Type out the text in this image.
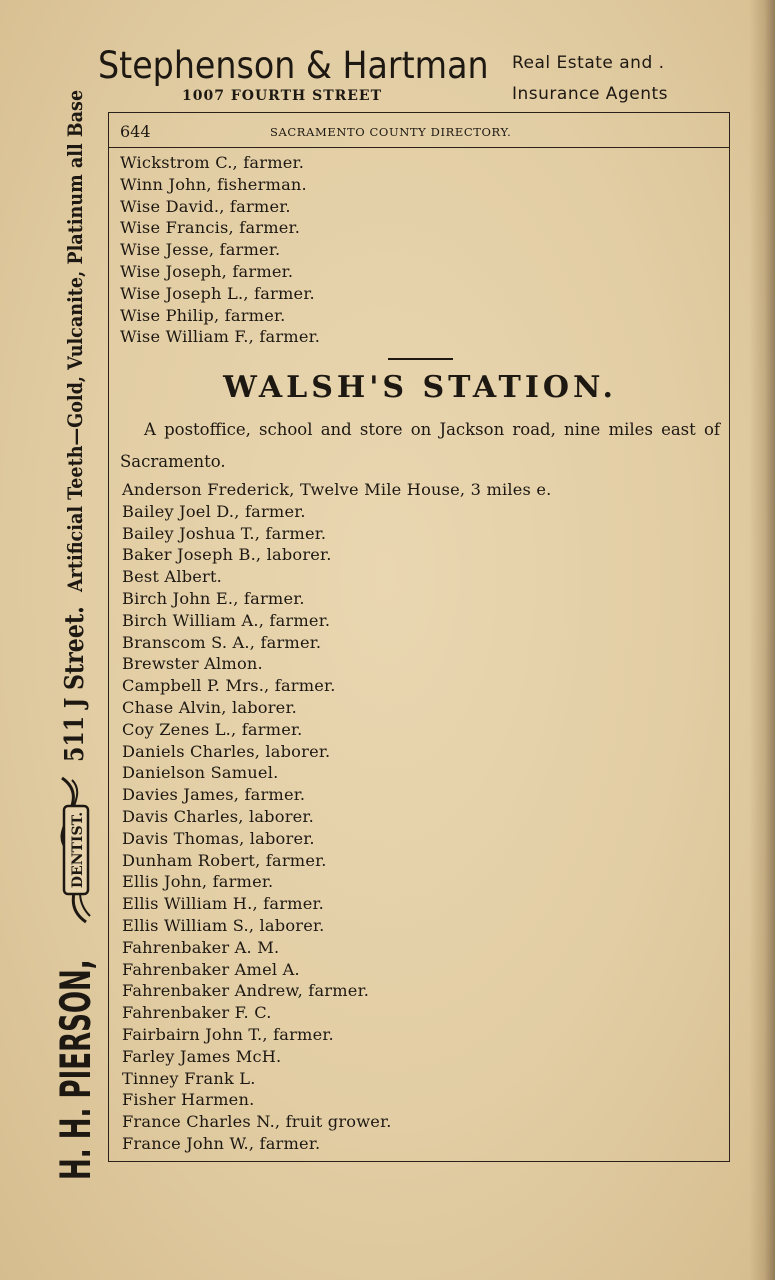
H. H. PIERSON,
DENTIST.
511 J Street.
Artificial Teeth—Gold, Vulcanite, Platinum all Base
Stephenson & Hartman
1007 FOURTH STREET
Real Estate and .
Insurance Agents
644	SACRAMENTO COUNTY DIRECTORY.
Wickstrom C., farmer.
Winn John, fisherman.
Wise David., farmer.
Wise Francis, farmer.
Wise Jesse, farmer.
Wise Joseph, farmer.
Wise Joseph L., farmer.
Wise Philip, farmer.
Wise William F., farmer.
WALSH'S STATION.
A postoffice, school and store on Jackson road, nine miles east of Sacramento.
Anderson Frederick, Twelve Mile House, 3 miles e.
Bailey Joel D., farmer.
Bailey Joshua T., farmer.
Baker Joseph B., laborer.
Best Albert.
Birch John E., farmer.
Birch William A., farmer.
Branscom S. A., farmer.
Brewster Almon.
Campbell P. Mrs., farmer.
Chase Alvin, laborer.
Coy Zenes L., farmer.
Daniels Charles, laborer.
Danielson Samuel.
Davies James, farmer.
Davis Charles, laborer.
Davis Thomas, laborer.
Dunham Robert, farmer.
Ellis John, farmer.
Ellis William H., farmer.
Ellis William S., laborer.
Fahrenbaker A. M.
Fahrenbaker Amel A.
Fahrenbaker Andrew, farmer.
Fahrenbaker F. C.
Fairbairn John T., farmer.
Farley James McH.
Tinney Frank L.
Fisher Harmen.
France Charles N., fruit grower.
France John W., farmer.
